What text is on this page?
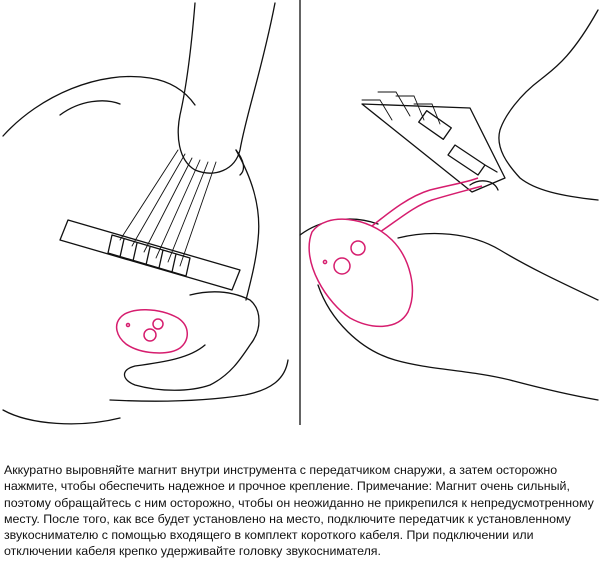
Аккуратно выровняйте магнит внутри инструмента с передатчиком снаружи, а затем осторожно нажмите, чтобы обеспечить надежное и прочное крепление. Примечание: Магнит очень сильный, поэтому обращайтесь с ним осторожно, чтобы он неожиданно не прикрепился к непредусмотренному месту. После того, как все будет установлено на место, подключите передатчик к установленному звукоснимателю с помощью входящего в комплект короткого кабеля. При подключении или отключении кабеля крепко удерживайте головку звукоснимателя.
